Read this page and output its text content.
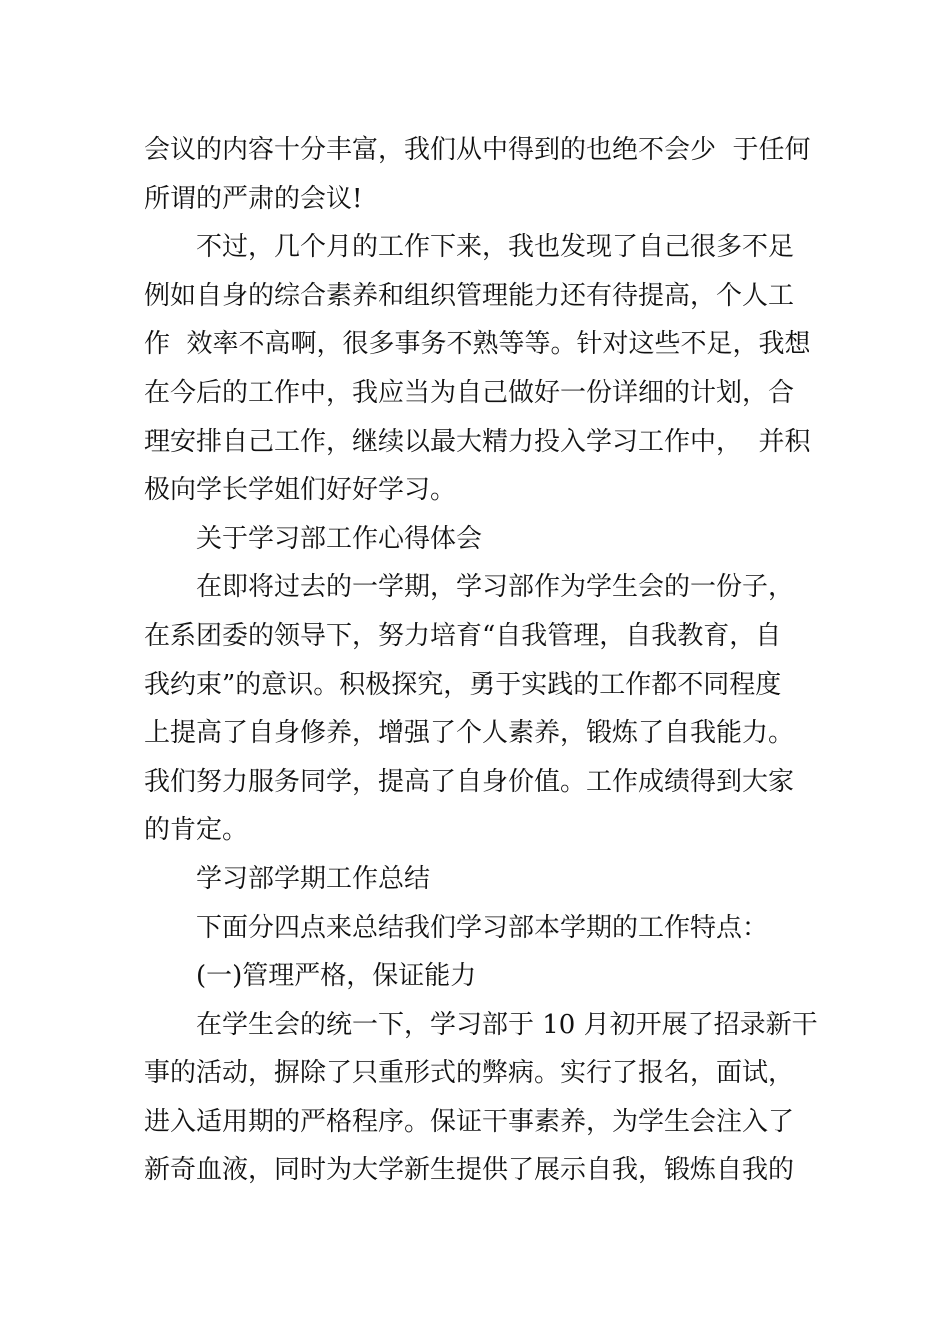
会议的内容十分丰富，我们从中得到的也绝不会少  于任何
所谓的严肃的会议!
不过，几个月的工作下来，我也发现了自己很多不足
例如自身的综合素养和组织管理能力还有待提高，个人工
作  效率不高啊，很多事务不熟等等。针对这些不足，我想
在今后的工作中，我应当为自己做好一份详细的计划，合
理安排自己工作，继续以最大精力投入学习工作中，  并积
极向学长学姐们好好学习。
关于学习部工作心得体会
在即将过去的一学期，学习部作为学生会的一份子，
在系团委的领导下，努力培育“自我管理，自我教育，自
我约束”的意识。积极探究，勇于实践的工作都不同程度
上提高了自身修养，增强了个人素养，锻炼了自我能力。
我们努力服务同学，提高了自身价值。工作成绩得到大家
的肯定。
学习部学期工作总结
下面分四点来总结我们学习部本学期的工作特点：
(一)管理严格，保证能力
在学生会的统一下，学习部于 10 月初开展了招录新干
事的活动，摒除了只重形式的弊病。实行了报名，面试，
进入适用期的严格程序。保证干事素养，为学生会注入了
新奇血液，同时为大学新生提供了展示自我，锻炼自我的
